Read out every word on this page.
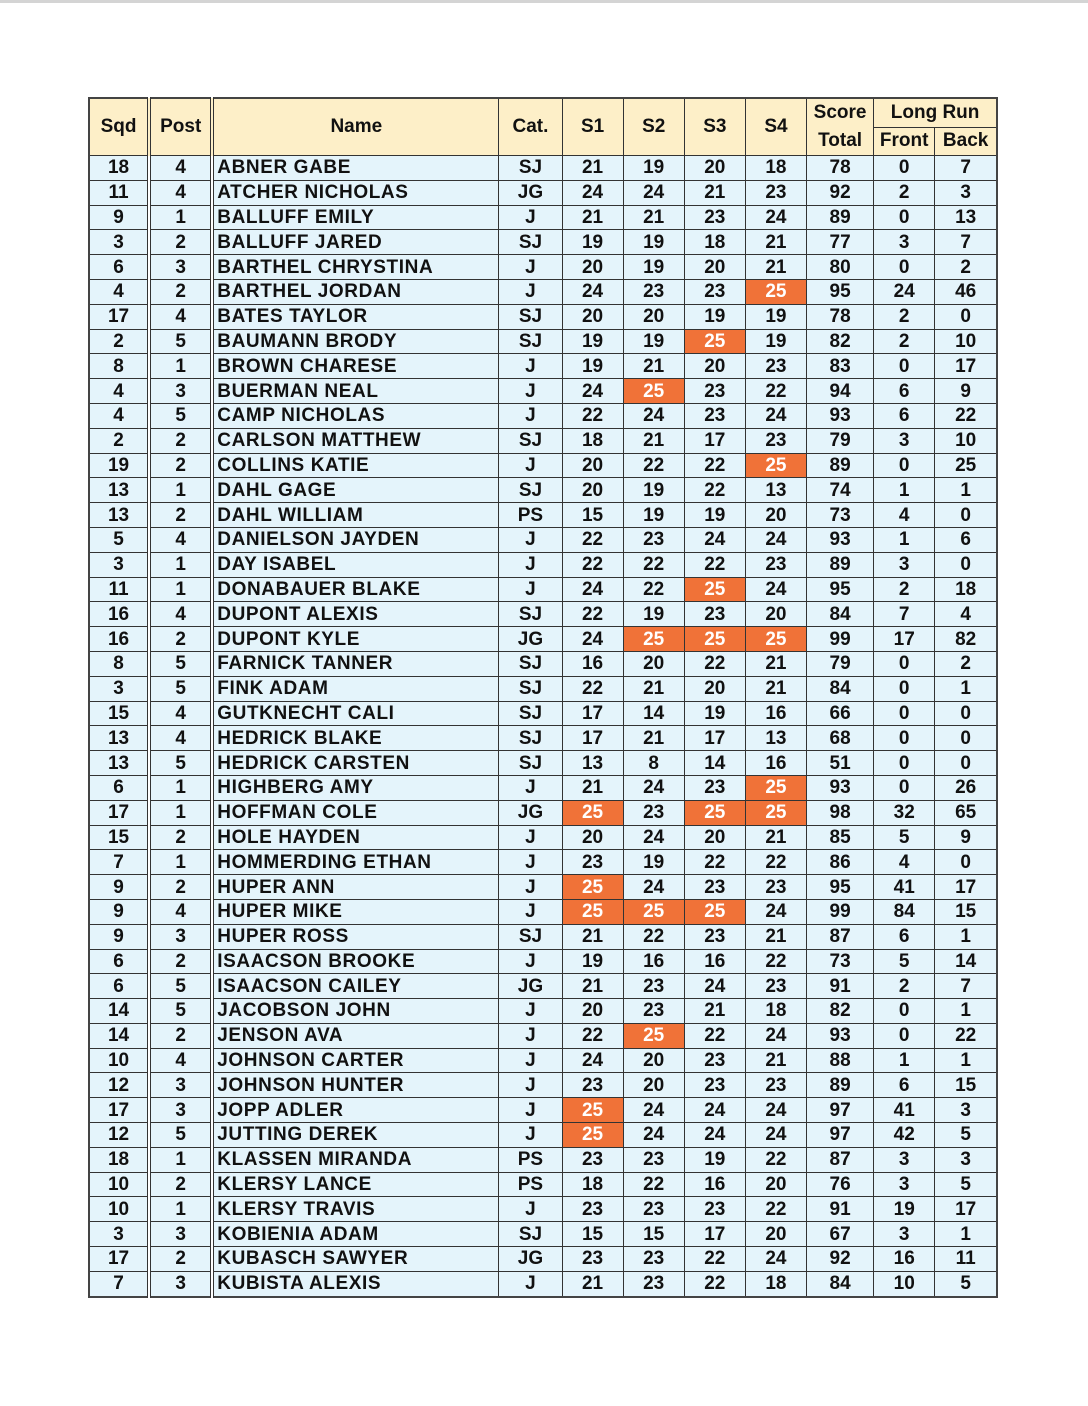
Sqd	Post	Name	Cat.	S1	S2	S3	S4	Score	Long Run	
								Total	Front	Back
18	4	ABNER GABE	SJ	21	19	20	18	78	0	7
11	4	ATCHER NICHOLAS	JG	24	24	21	23	92	2	3
9	1	BALLUFF EMILY	J	21	21	23	24	89	0	13
3	2	BALLUFF JARED	SJ	19	19	18	21	77	3	7
6	3	BARTHEL CHRYSTINA	J	20	19	20	21	80	0	2
4	2	BARTHEL JORDAN	J	24	23	23	25	95	24	46
17	4	BATES TAYLOR	SJ	20	20	19	19	78	2	0
2	5	BAUMANN BRODY	SJ	19	19	25	19	82	2	10
8	1	BROWN CHARESE	J	19	21	20	23	83	0	17
4	3	BUERMAN NEAL	J	24	25	23	22	94	6	9
4	5	CAMP NICHOLAS	J	22	24	23	24	93	6	22
2	2	CARLSON MATTHEW	SJ	18	21	17	23	79	3	10
19	2	COLLINS KATIE	J	20	22	22	25	89	0	25
13	1	DAHL GAGE	SJ	20	19	22	13	74	1	1
13	2	DAHL WILLIAM	PS	15	19	19	20	73	4	0
5	4	DANIELSON JAYDEN	J	22	23	24	24	93	1	6
3	1	DAY ISABEL	J	22	22	22	23	89	3	0
11	1	DONABAUER BLAKE	J	24	22	25	24	95	2	18
16	4	DUPONT ALEXIS	SJ	22	19	23	20	84	7	4
16	2	DUPONT KYLE	JG	24	25	25	25	99	17	82
8	5	FARNICK TANNER	SJ	16	20	22	21	79	0	2
3	5	FINK ADAM	SJ	22	21	20	21	84	0	1
15	4	GUTKNECHT CALI	SJ	17	14	19	16	66	0	0
13	4	HEDRICK BLAKE	SJ	17	21	17	13	68	0	0
13	5	HEDRICK CARSTEN	SJ	13	8	14	16	51	0	0
6	1	HIGHBERG AMY	J	21	24	23	25	93	0	26
17	1	HOFFMAN COLE	JG	25	23	25	25	98	32	65
15	2	HOLE HAYDEN	J	20	24	20	21	85	5	9
7	1	HOMMERDING ETHAN	J	23	19	22	22	86	4	0
9	2	HUPER ANN	J	25	24	23	23	95	41	17
9	4	HUPER MIKE	J	25	25	25	24	99	84	15
9	3	HUPER ROSS	SJ	21	22	23	21	87	6	1
6	2	ISAACSON BROOKE	J	19	16	16	22	73	5	14
6	5	ISAACSON CAILEY	JG	21	23	24	23	91	2	7
14	5	JACOBSON JOHN	J	20	23	21	18	82	0	1
14	2	JENSON AVA	J	22	25	22	24	93	0	22
10	4	JOHNSON CARTER	J	24	20	23	21	88	1	1
12	3	JOHNSON HUNTER	J	23	20	23	23	89	6	15
17	3	JOPP ADLER	J	25	24	24	24	97	41	3
12	5	JUTTING DEREK	J	25	24	24	24	97	42	5
18	1	KLASSEN MIRANDA	PS	23	23	19	22	87	3	3
10	2	KLERSY LANCE	PS	18	22	16	20	76	3	5
10	1	KLERSY TRAVIS	J	23	23	23	22	91	19	17
3	3	KOBIENIA ADAM	SJ	15	15	17	20	67	3	1
17	2	KUBASCH SAWYER	JG	23	23	22	24	92	16	11
7	3	KUBISTA ALEXIS	J	21	23	22	18	84	10	5
